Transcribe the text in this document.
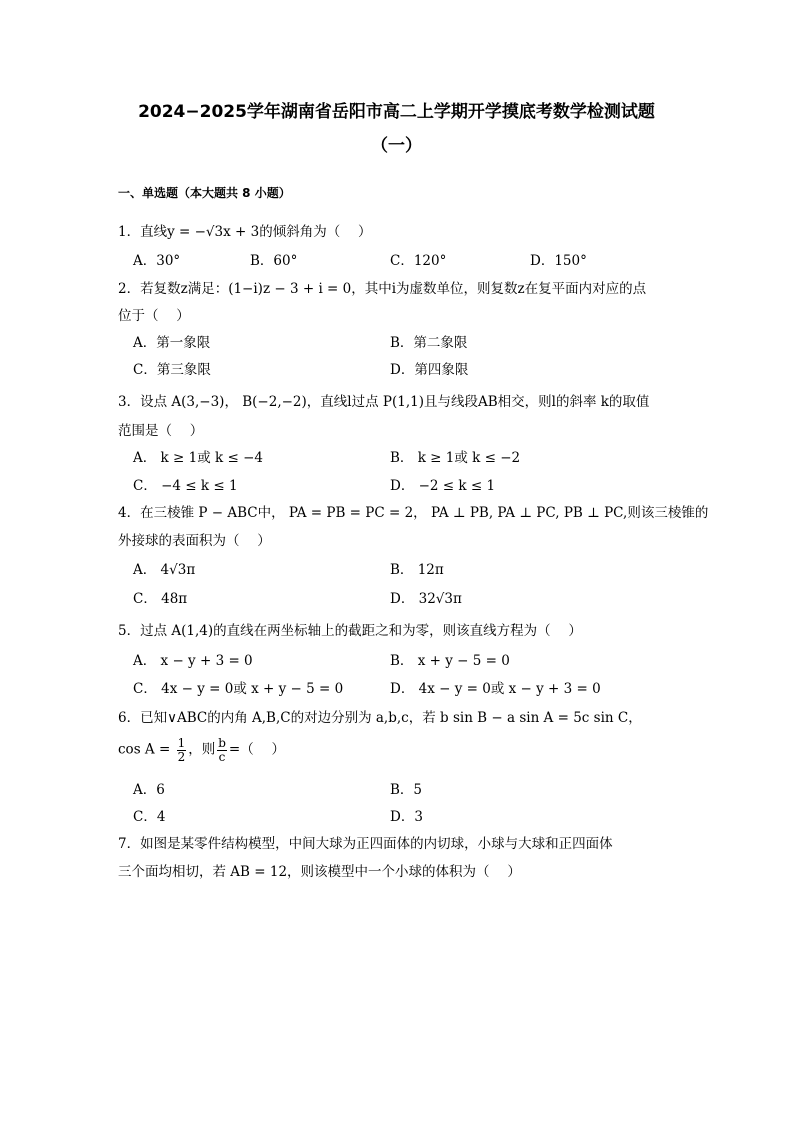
2024−2025学年湖南省岳阳市高二上学期开学摸底考数学检测试题
（一）
一、单选题（本大题共 8 小题）
1．直线y = −√3x + 3的倾斜角为（　 ）
A．30°	B．60°	C．120°	D．150°
2．若复数z满足：(1−i)z − 3 + i = 0，其中i为虚数单位，则复数z在复平面内对应的点
位于（　 ）
A．第一象限	B．第二象限
C．第三象限	D．第四象限
3．设点 A(3,−3)， B(−2,−2)，直线l过点 P(1,1)且与线段AB相交，则l的斜率 k的取值
范围是（　 ）
A． k ≥ 1或 k ≤ −4	B． k ≥ 1或 k ≤ −2
C． −4 ≤ k ≤ 1	D． −2 ≤ k ≤ 1
4．在三棱锥 P − ABC中， PA = PB = PC = 2， PA ⊥ PB, PA ⊥ PC, PB ⊥ PC,则该三棱锥的
外接球的表面积为（　 ）
A． 4√3π	B． 12π
C． 48π	D． 32√3π
5．过点 A(1,4)的直线在两坐标轴上的截距之和为零，则该直线方程为（　 ）
A． x − y + 3 = 0	B． x + y − 5 = 0
C． 4x − y = 0或 x + y − 5 = 0	D． 4x − y = 0或 x − y + 3 = 0
6．已知∨ABC的内角 A,B,C的对边分别为 a,b,c，若 b sin B − a sin A = 5c sin C，
$\cos A = \frac{1}{2}$ ，则 $\frac{b}{c}$ =（　 ）
A．6	B．5
C．4	D．3
7．如图是某零件结构模型，中间大球为正四面体的内切球，小球与大球和正四面体
三个面均相切，若 AB = 12，则该模型中一个小球的体积为（　 ）
